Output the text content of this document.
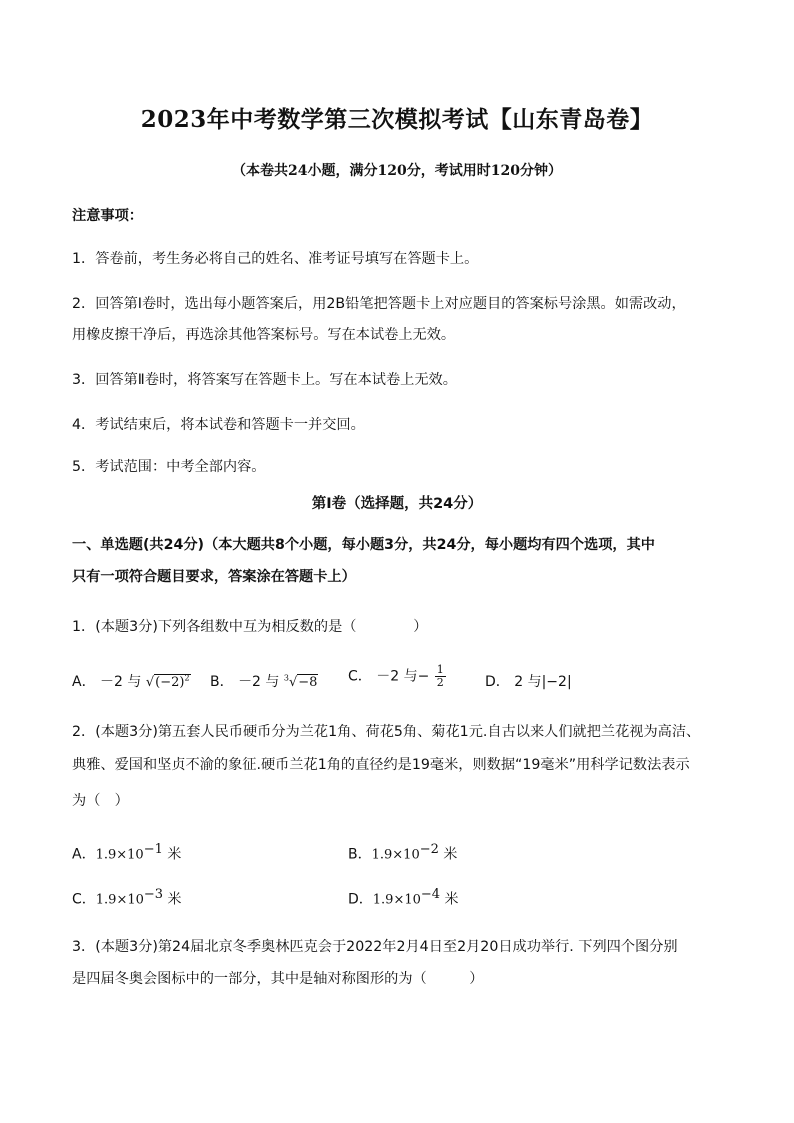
2023年中考数学第三次模拟考试【山东青岛卷】
（本卷共24小题，满分120分，考试用时120分钟）
注意事项：
1．答卷前，考生务必将自己的姓名、准考证号填写在答题卡上。
2．回答第Ⅰ卷时，选出每小题答案后，用2B铅笔把答题卡上对应题目的答案标号涂黑。如需改动，
用橡皮擦干净后，再选涂其他答案标号。写在本试卷上无效。
3．回答第Ⅱ卷时，将答案写在答题卡上。写在本试卷上无效。
4．考试结束后，将本试卷和答题卡一并交回。
5．考试范围：中考全部内容。
第Ⅰ卷（选择题，共24分）
一、单选题(共24分)（本大题共8个小题，每小题3分，共24分，每小题均有四个选项，其中
只有一项符合题目要求，答案涂在答题卡上）
1．(本题3分)下列各组数中互为相反数的是（　　　　）
A． －2 与 $√(-2)^2$ B． －2 与 $^3$√−8 C． －2 与− $\frac{1}{2}$	D． 2 与|−2|
2．(本题3分)第五套人民币硬币分为兰花1角、荷花5角、菊花1元.自古以来人们就把兰花视为高洁、
典雅、爱国和坚贞不渝的象征.硬币兰花1角的直径约是19毫米，则数据“19毫米”用科学记数法表示
为（　）
A．$1.9\times 10^{-1}$ 米	B．$1.9\times 10^{-2}$ 米
C．$1.9\times 10^{-3}$ 米	D．$1.9\times 10^{-4}$ 米
3．(本题3分)第24届北京冬季奥林匹克会于2022年2月4日至2月20日成功举行. 下列四个图分别
是四届冬奥会图标中的一部分，其中是轴对称图形的为（　　　）
